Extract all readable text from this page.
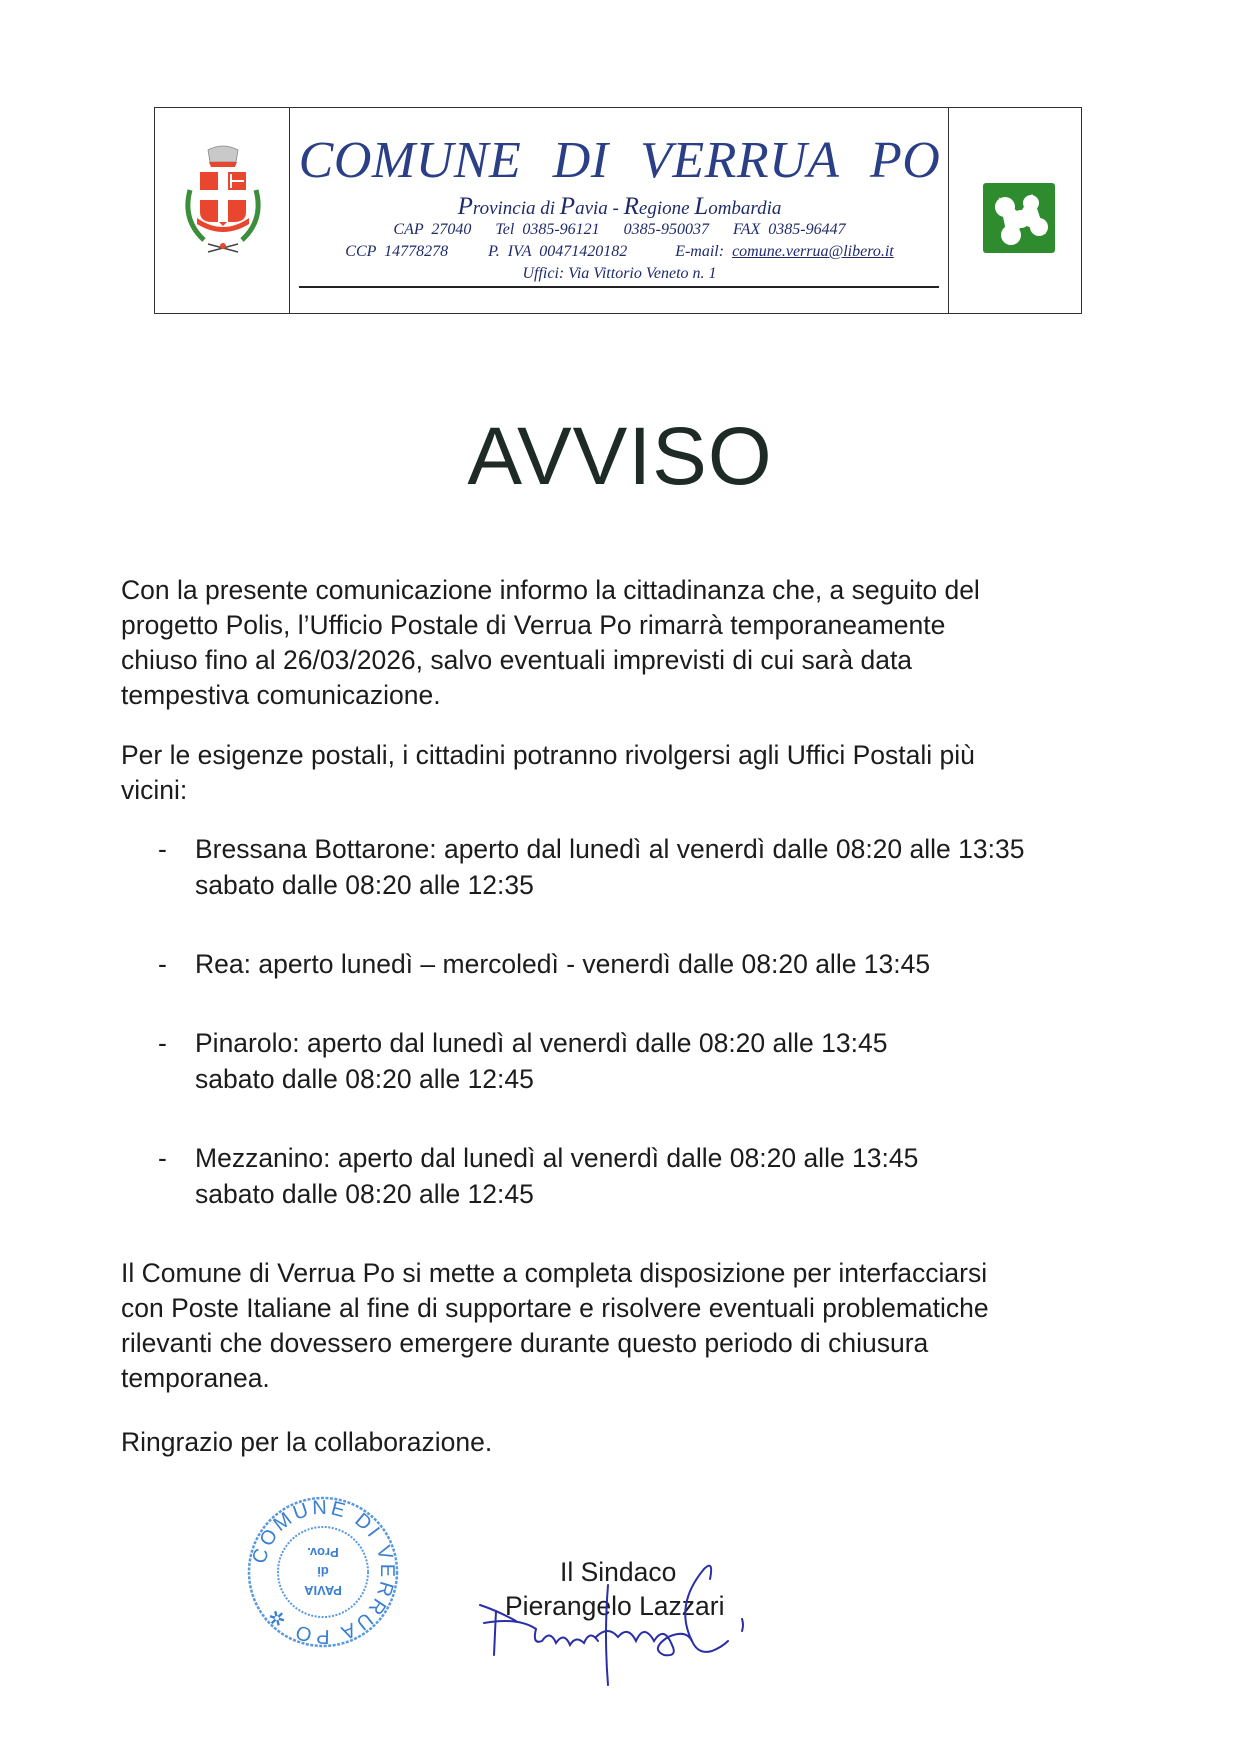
COMUNE DI VERRUA PO
Provincia di Pavia - Regione Lombardia
CAP 27040   Tel 0385-96121   0385-950037   FAX 0385-96447
CCP 14778278     P. IVA 00471420182      E-mail: comune.verrua@libero.it
Uffici: Via Vittorio Veneto n. 1
AVVISO
Con la presente comunicazione informo la cittadinanza che, a seguito del
progetto Polis, l’Ufficio Postale di Verrua Po rimarrà temporaneamente
chiuso fino al 26/03/2026, salvo eventuali imprevisti di cui sarà data
tempestiva comunicazione.
Per le esigenze postali, i cittadini potranno rivolgersi agli Uffici Postali più
vicini:
- Bressana Bottarone: aperto dal lunedì al venerdì dalle 08:20 alle 13:35
sabato dalle 08:20 alle 12:35
- Rea: aperto lunedì – mercoledì - venerdì dalle 08:20 alle 13:45
- Pinarolo: aperto dal lunedì al venerdì dalle 08:20 alle 13:45
sabato dalle 08:20 alle 12:45
- Mezzanino: aperto dal lunedì al venerdì dalle 08:20 alle 13:45
sabato dalle 08:20 alle 12:45
Il Comune di Verrua Po si mette a completa disposizione per interfacciarsi
con Poste Italiane al fine di supportare e risolvere eventuali problematiche
rilevanti che dovessero emergere durante questo periodo di chiusura
temporanea.
Ringrazio per la collaborazione.
COMUNE DI VERRUA PO ✲
PAVIA
di
Prov.
Il Sindaco
Pierangelo Lazzari
